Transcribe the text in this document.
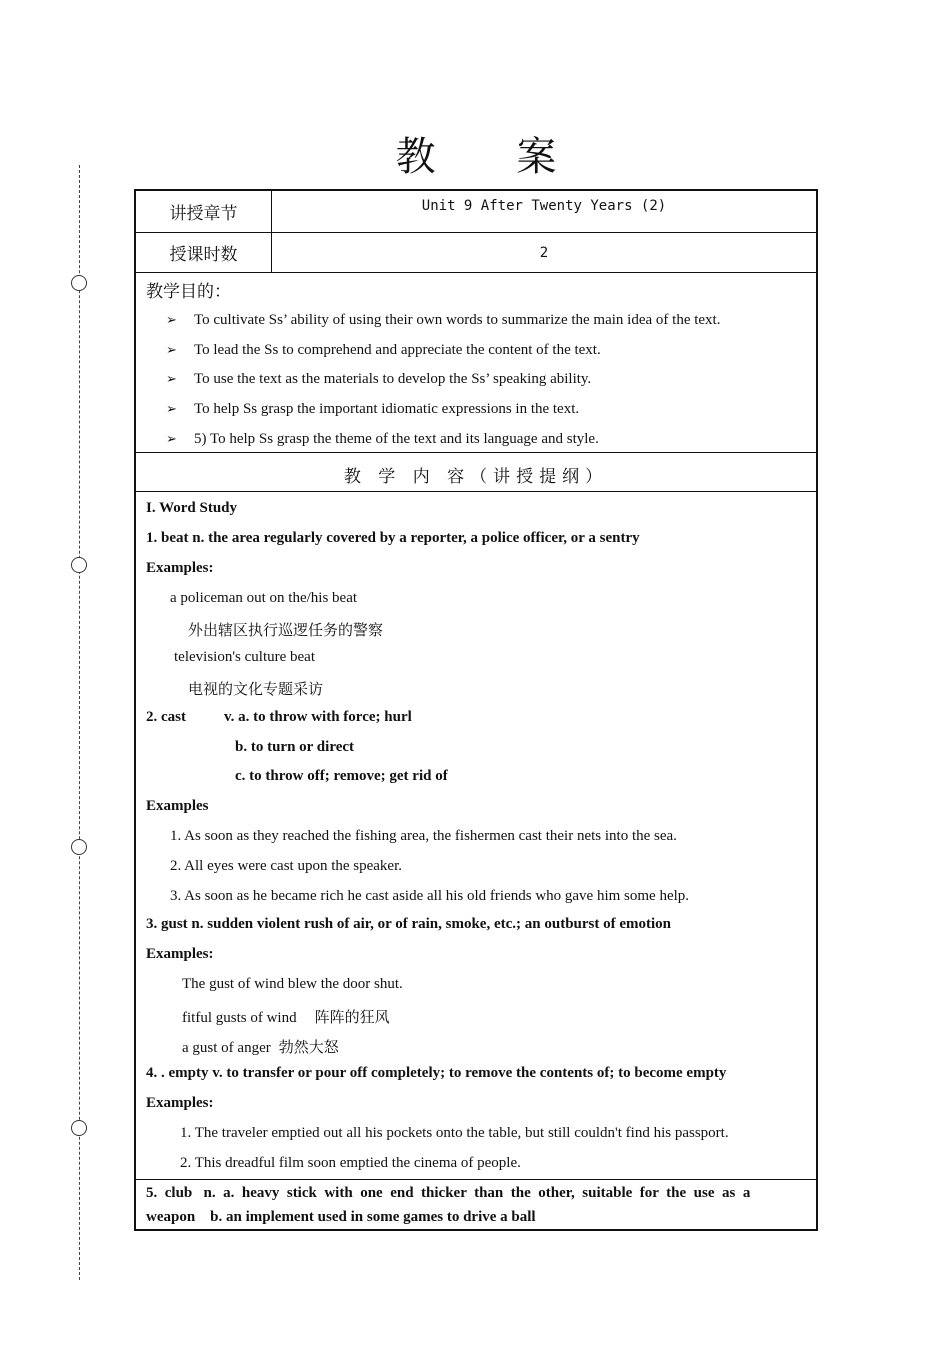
教 案
讲授章节	Unit 9 After Twenty Years (2)
授课时数	2
教学目的：
➢ To cultivate Ss’ ability of using their own words to summarize the main idea of the text.
➢ To lead the Ss to comprehend and appreciate the content of the text.
➢ To use the text as the materials to develop the Ss’ speaking ability.
➢ To help Ss grasp the important idiomatic expressions in the text.
➢ 5) To help Ss grasp the theme of the text and its language and style.
教 学 内 容（讲授提纲）
I. Word Study
1. beat n. the area regularly covered by a reporter, a police officer, or a sentry
Examples:
a policeman out on the/his beat
外出辖区执行巡逻任务的警察
television's culture beat
电视的文化专题采访
2. cast	v. a. to throw with force; hurl
b. to turn or direct
c. to throw off; remove; get rid of
Examples
1. As soon as they reached the fishing area, the fishermen cast their nets into the sea.
2. All eyes were cast upon the speaker.
3. As soon as he became rich he cast aside all his old friends who gave him some help.
3. gust n. sudden violent rush of air, or of rain, smoke, etc.; an outburst of emotion
Examples:
The gust of wind blew the door shut.
fitful gusts of wind 阵阵的狂风
a gust of anger 勃然大怒
4. . empty v. to transfer or pour off completely; to remove the contents of; to become empty
Examples:
1. The traveler emptied out all his pockets onto the table, but still couldn't find his passport.
2. This dreadful film soon emptied the cinema of people.
5.  club   n.  a.  heavy  stick  with  one  end  thicker  than  the  other,  suitable  for  the  use  as  a
weapon    b. an implement used in some games to drive a ball
